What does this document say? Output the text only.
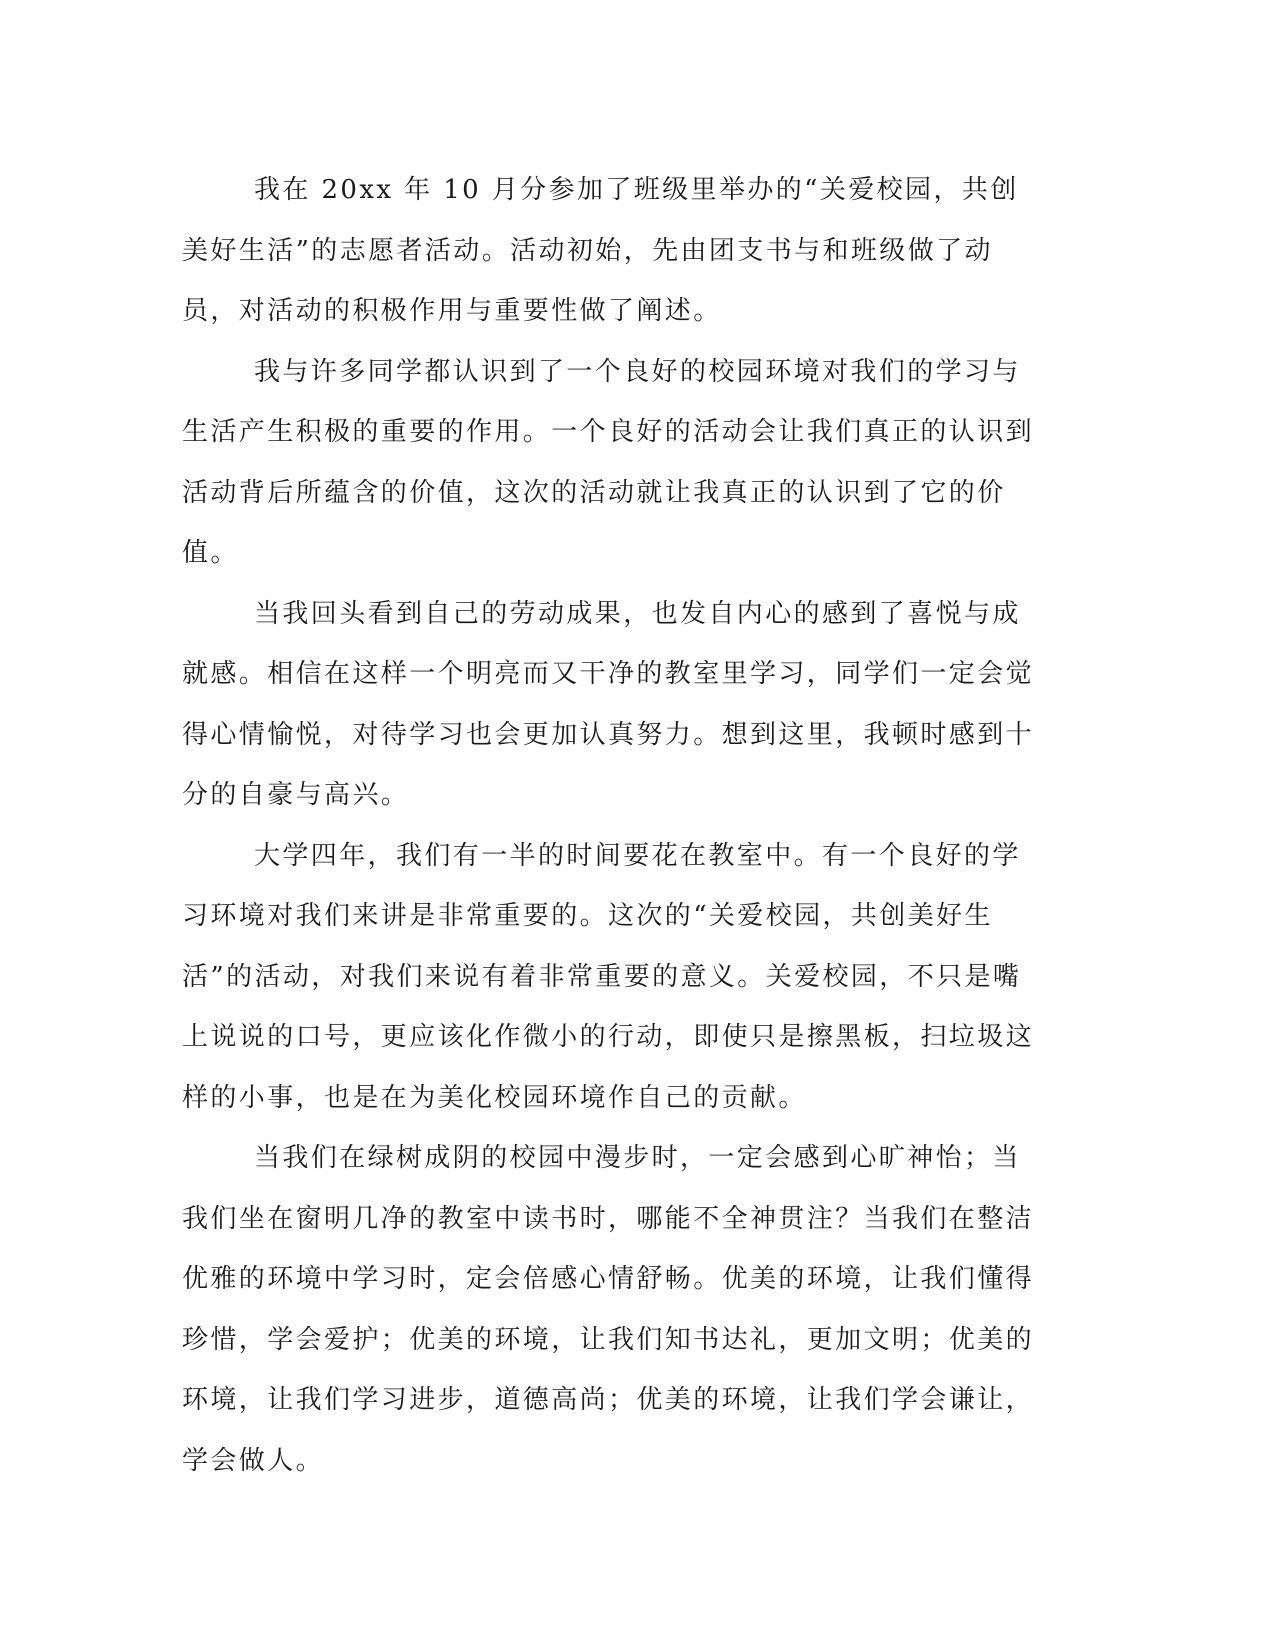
我在 20xx 年 10 月分参加了班级里举办的“关爱校园，共创美好生活”的志愿者活动。活动初始，先由团支书与和班级做了动员，对活动的积极作用与重要性做了阐述。

我与许多同学都认识到了一个良好的校园环境对我们的学习与生活产生积极的重要的作用。一个良好的活动会让我们真正的认识到活动背后所蕴含的价值，这次的活动就让我真正的认识到了它的价值。

当我回头看到自己的劳动成果，也发自内心的感到了喜悦与成就感。相信在这样一个明亮而又干净的教室里学习，同学们一定会觉得心情愉悦，对待学习也会更加认真努力。想到这里，我顿时感到十分的自豪与高兴。

大学四年，我们有一半的时间要花在教室中。有一个良好的学习环境对我们来讲是非常重要的。这次的“关爱校园，共创美好生活”的活动，对我们来说有着非常重要的意义。关爱校园，不只是嘴上说说的口号，更应该化作微小的行动，即使只是擦黑板，扫垃圾这样的小事，也是在为美化校园环境作自己的贡献。

当我们在绿树成阴的校园中漫步时，一定会感到心旷神怡；当我们坐在窗明几净的教室中读书时，哪能不全神贯注？当我们在整洁优雅的环境中学习时，定会倍感心情舒畅。优美的环境，让我们懂得珍惜，学会爱护；优美的环境，让我们知书达礼，更加文明；优美的环境，让我们学习进步，道德高尚；优美的环境，让我们学会谦让，学会做人。
